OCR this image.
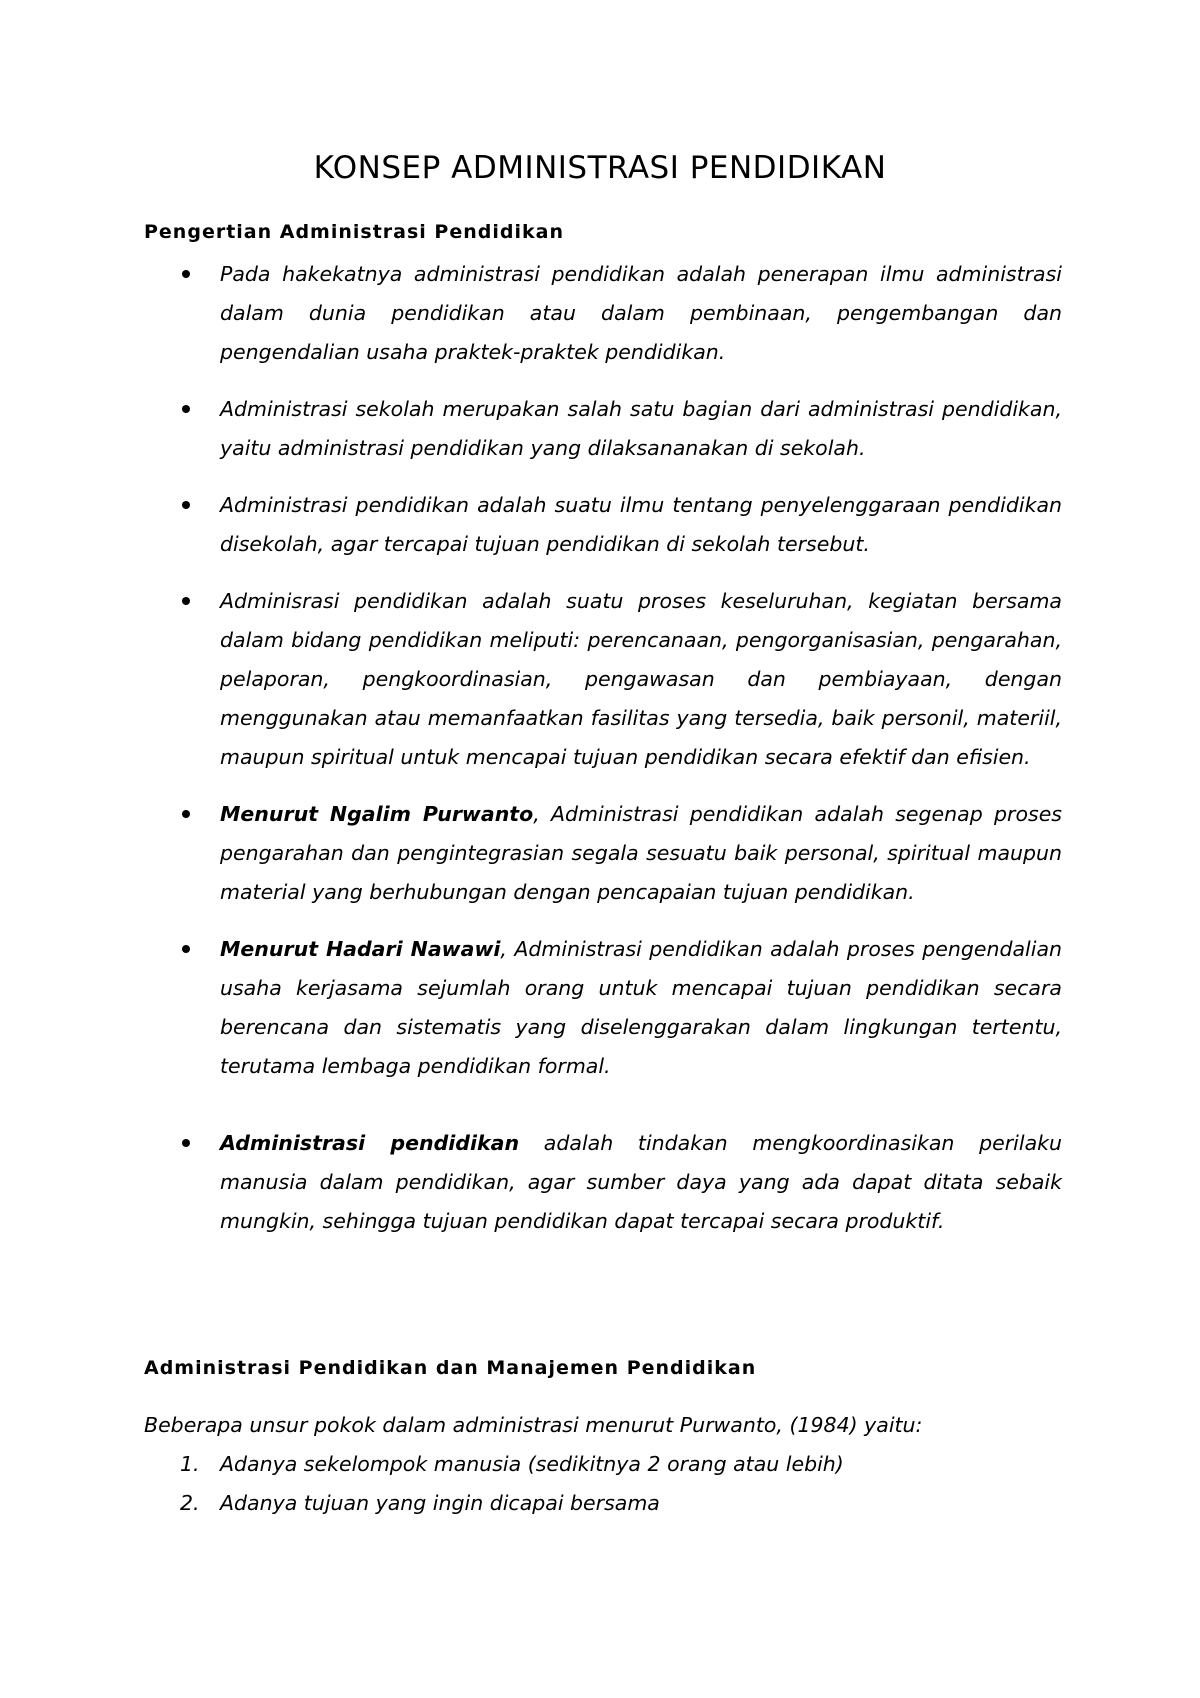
KONSEP ADMINISTRASI PENDIDIKAN
Pengertian Administrasi Pendidikan
Pada hakekatnya administrasi pendidikan adalah penerapan ilmu administrasi dalam dunia pendidikan atau dalam pembinaan, pengembangan dan pengendalian usaha praktek-praktek pendidikan.
Administrasi sekolah merupakan salah satu bagian dari administrasi pendidikan, yaitu administrasi pendidikan yang dilaksananakan di sekolah.
Administrasi pendidikan adalah suatu ilmu tentang penyelenggaraan pendidikan disekolah, agar tercapai tujuan pendidikan di sekolah tersebut.
Adminisrasi pendidikan adalah suatu proses keseluruhan, kegiatan bersama dalam bidang pendidikan meliputi: perencanaan, pengorganisasian, pengarahan, pelaporan, pengkoordinasian, pengawasan dan pembiayaan, dengan menggunakan atau memanfaatkan fasilitas yang tersedia, baik personil, materiil, maupun spiritual untuk mencapai tujuan pendidikan secara efektif dan efisien.
Menurut Ngalim Purwanto, Administrasi pendidikan adalah segenap proses pengarahan dan pengintegrasian segala sesuatu baik personal, spiritual maupun material yang berhubungan dengan pencapaian tujuan pendidikan.
Menurut Hadari Nawawi, Administrasi pendidikan adalah proses pengendalian usaha kerjasama sejumlah orang untuk mencapai tujuan pendidikan secara berencana dan sistematis yang diselenggarakan dalam lingkungan tertentu, terutama lembaga pendidikan formal.
Administrasi pendidikan adalah tindakan mengkoordinasikan perilaku manusia dalam pendidikan, agar sumber daya yang ada dapat ditata sebaik mungkin, sehingga tujuan pendidikan dapat tercapai secara produktif.
Administrasi Pendidikan dan Manajemen Pendidikan

Beberapa unsur pokok dalam administrasi menurut Purwanto, (1984) yaitu:

1. Adanya sekelompok manusia (sedikitnya 2 orang atau lebih)
2. Adanya tujuan yang ingin dicapai bersama
